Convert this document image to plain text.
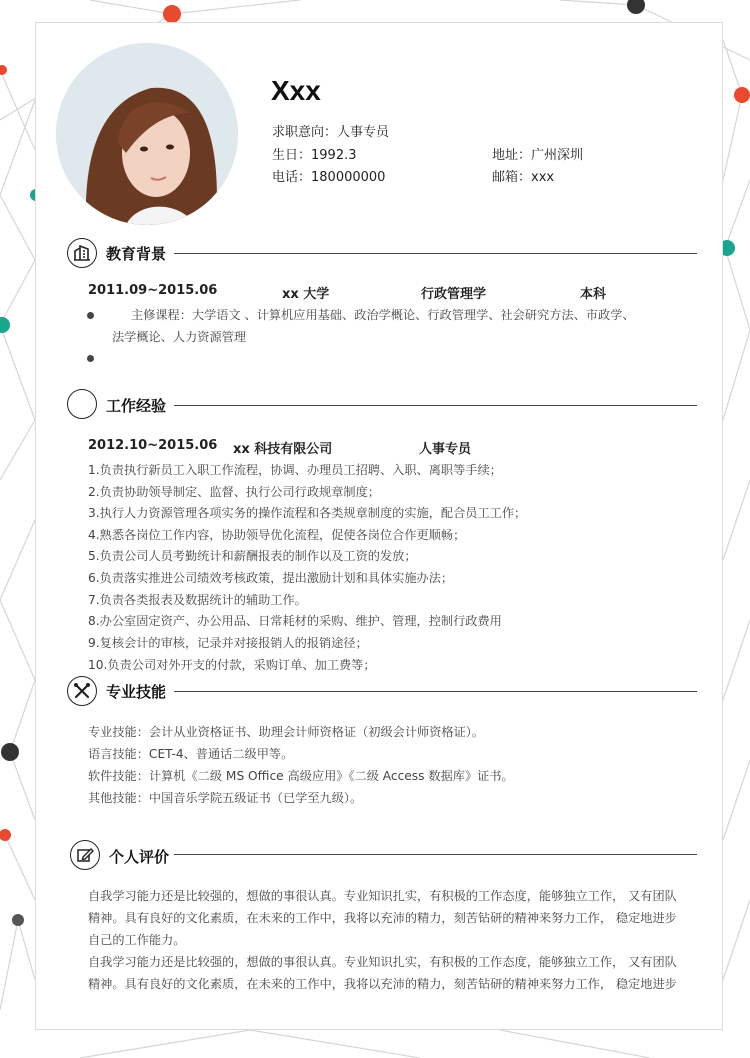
Xxx
求职意向：人事专员
生日：1992.3	地址：广州深圳
电话：180000000	邮箱：xxx
教育背景
2011.09~2015.06	xx 大学	行政管理学	本科
主修课程：大学语文 、计算机应用基础、政治学概论、行政管理学、社会研究方法、市政学、
法学概论、人力资源管理
工作经验
2012.10~2015.06 xx 科技有限公司	人事专员
1.负责执行新员工入职工作流程，协调、办理员工招聘、入职、离职等手续；
2.负责协助领导制定、监督、执行公司行政规章制度；
3.执行人力资源管理各项实务的操作流程和各类规章制度的实施，配合员工工作；
4.熟悉各岗位工作内容，协助领导优化流程，促使各岗位合作更顺畅；
5.负责公司人员考勤统计和薪酬报表的制作以及工资的发放；
6.负责落实推进公司绩效考核政策，提出激励计划和具体实施办法；
7.负责各类报表及数据统计的辅助工作。
8.办公室固定资产、办公用品、日常耗材的采购、维护、管理，控制行政费用
9.复核会计的审核，记录并对接报销人的报销途径；
10.负责公司对外开支的付款，采购订单、加工费等；
专业技能
专业技能：会计从业资格证书、助理会计师资格证（初级会计师资格证）。
语言技能：CET-4、普通话二级甲等。
软件技能：计算机《二级 MS Office 高级应用》《二级 Access 数据库》证书。
其他技能：中国音乐学院五级证书（已学至九级）。
个人评价
自我学习能力还是比较强的，想做的事很认真。专业知识扎实，有积极的工作态度，能够独立工作， 又有团队
精神。具有良好的文化素质，在未来的工作中，我将以充沛的精力，刻苦钻研的精神来努力工作， 稳定地进步
自己的工作能力。
自我学习能力还是比较强的，想做的事很认真。专业知识扎实，有积极的工作态度，能够独立工作， 又有团队
精神。具有良好的文化素质，在未来的工作中，我将以充沛的精力，刻苦钻研的精神来努力工作， 稳定地进步
